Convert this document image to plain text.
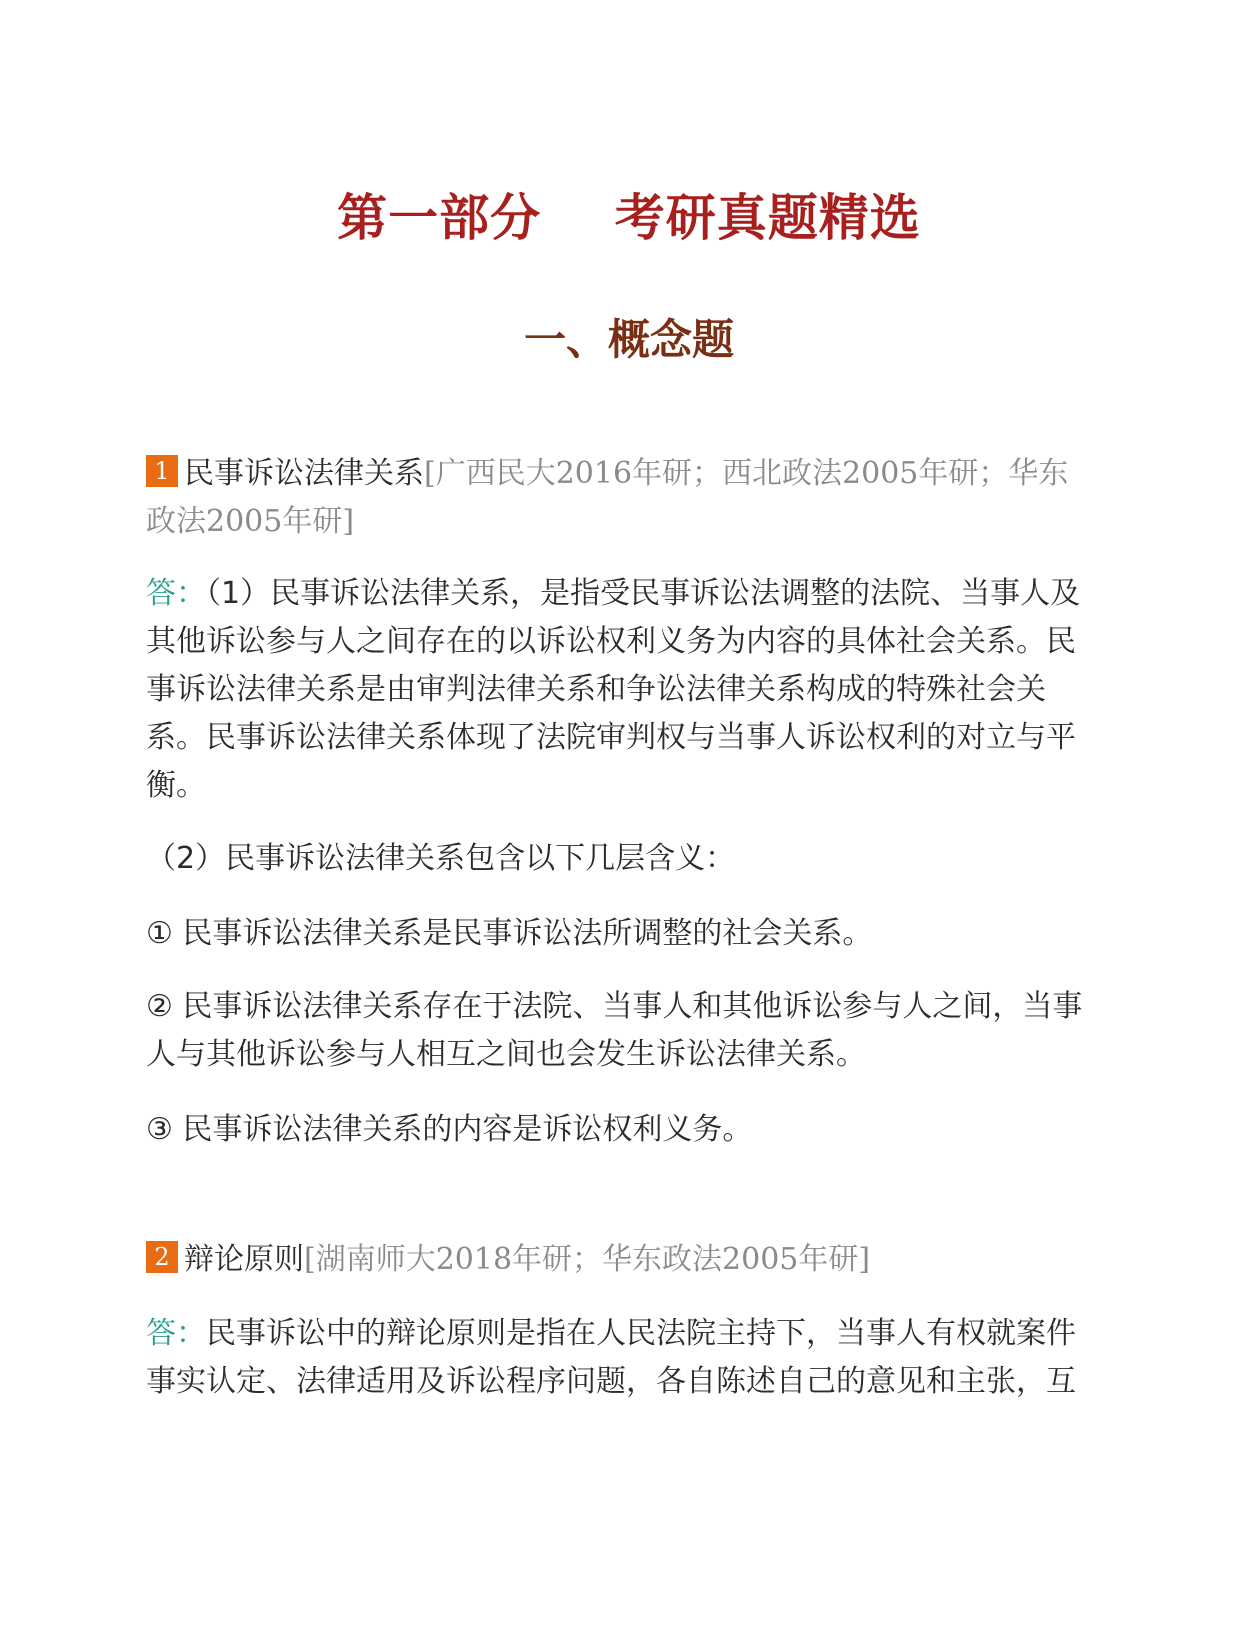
第一部分    考研真题精选
一、概念题

1 民事诉讼法律关系[广西民大2016年研；西北政法2005年研；华东政法2005年研]

答：（1）民事诉讼法律关系，是指受民事诉讼法调整的法院、当事人及其他诉讼参与人之间存在的以诉讼权利义务为内容的具体社会关系。民事诉讼法律关系是由审判法律关系和争讼法律关系构成的特殊社会关系。民事诉讼法律关系体现了法院审判权与当事人诉讼权利的对立与平衡。

（2）民事诉讼法律关系包含以下几层含义：

① 民事诉讼法律关系是民事诉讼法所调整的社会关系。

② 民事诉讼法律关系存在于法院、当事人和其他诉讼参与人之间，当事人与其他诉讼参与人相互之间也会发生诉讼法律关系。

③ 民事诉讼法律关系的内容是诉讼权利义务。

2 辩论原则[湖南师大2018年研；华东政法2005年研]

答：民事诉讼中的辩论原则是指在人民法院主持下，当事人有权就案件事实认定、法律适用及诉讼程序问题，各自陈述自己的意见和主张，互
